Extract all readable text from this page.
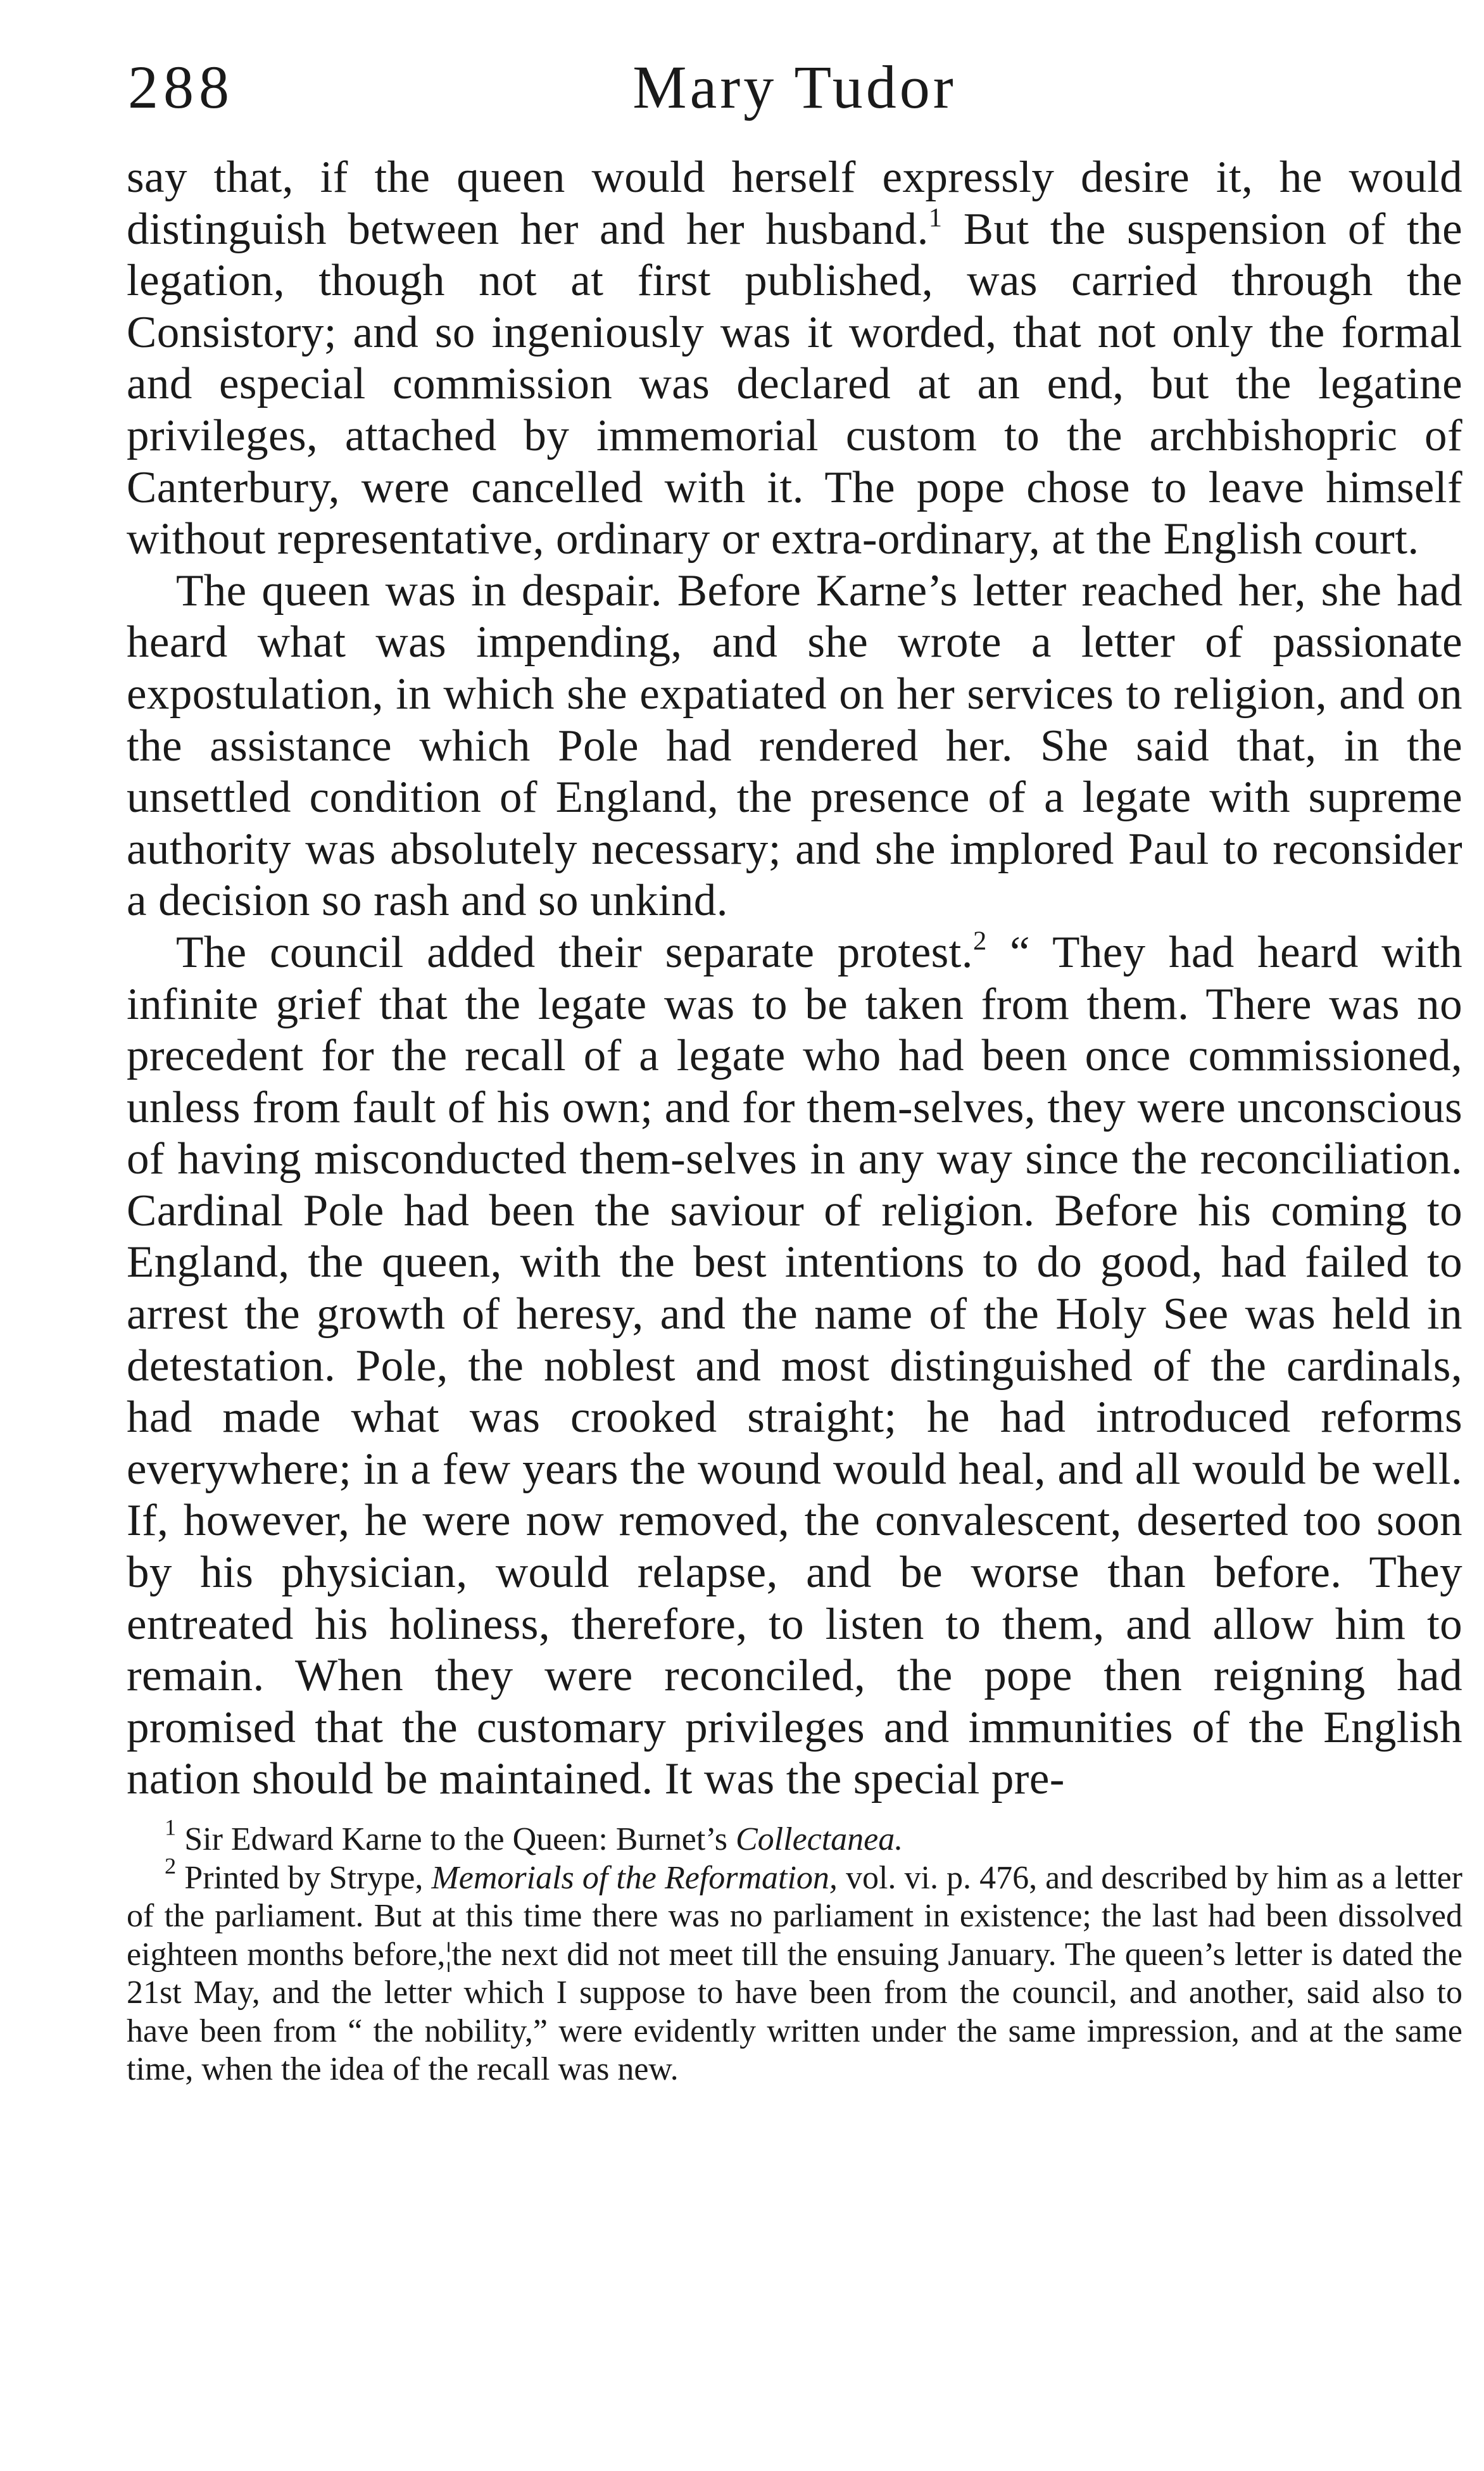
288	Mary Tudor

say that, if the queen would herself expressly desire it, he would distinguish between her and her husband.$^1$ But the suspension of the legation, though not at first published, was carried through the Consistory; and so ingeniously was it worded, that not only the formal and especial commission was declared at an end, but the legatine privileges, attached by immemorial custom to the archbishopric of Canterbury, were cancelled with it. The pope chose to leave himself without representative, ordinary or extra-ordinary, at the English court.

The queen was in despair. Before Karne’s letter reached her, she had heard what was impending, and she wrote a letter of passionate expostulation, in which she expatiated on her services to religion, and on the assistance which Pole had rendered her. She said that, in the unsettled condition of England, the presence of a legate with supreme authority was absolutely necessary; and she implored Paul to reconsider a decision so rash and so unkind.

The council added their separate protest.$^2$ “ They had heard with infinite grief that the legate was to be taken from them. There was no precedent for the recall of a legate who had been once commissioned, unless from fault of his own; and for them-selves, they were unconscious of having misconducted them-selves in any way since the reconciliation. Cardinal Pole had been the saviour of religion. Before his coming to England, the queen, with the best intentions to do good, had failed to arrest the growth of heresy, and the name of the Holy See was held in detestation. Pole, the noblest and most distinguished of the cardinals, had made what was crooked straight; he had introduced reforms everywhere; in a few years the wound would heal, and all would be well. If, however, he were now removed, the convalescent, deserted too soon by his physician, would relapse, and be worse than before. They entreated his holiness, therefore, to listen to them, and allow him to remain. When they were reconciled, the pope then reigning had promised that the customary privileges and immunities of the English nation should be maintained. It was the special pre-

$^1$ Sir Edward Karne to the Queen: Burnet’s Collectanea.

$^2$ Printed by Strype, Memorials of the Reformation, vol. vi. p. 476, and described by him as a letter of the parliament. But at this time there was no parliament in existence; the last had been dissolved eighteen months before,¦the next did not meet till the ensuing January. The queen’s letter is dated the 21st May, and the letter which I suppose to have been from the council, and another, said also to have been from “ the nobility,” were evidently written under the same impression, and at the same time, when the idea of the recall was new.
